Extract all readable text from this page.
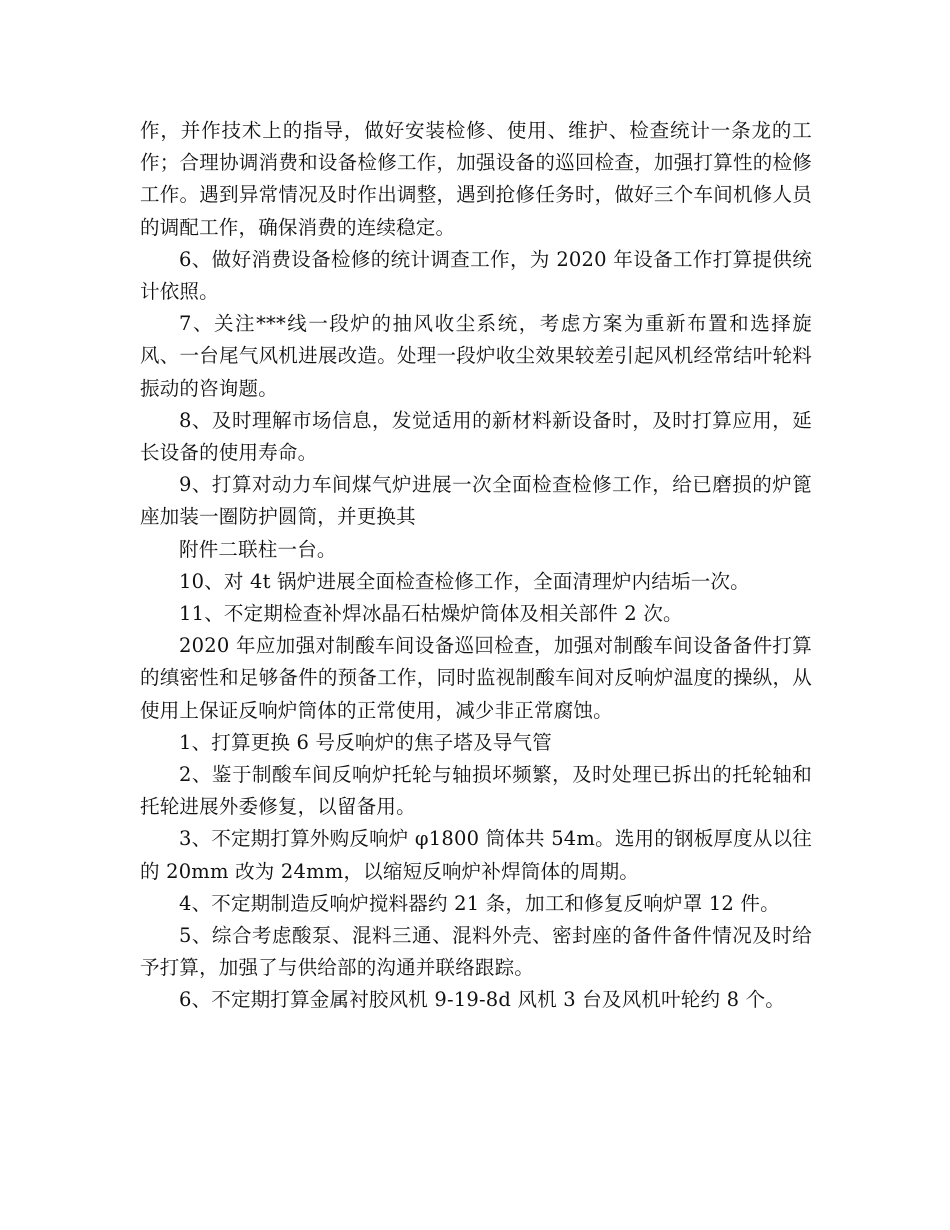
作，并作技术上的指导，做好安装检修、使用、维护、检查统计一条龙的工作；合理协调消费和设备检修工作，加强设备的巡回检查，加强打算性的检修工作。遇到异常情况及时作出调整，遇到抢修任务时，做好三个车间机修人员的调配工作，确保消费的连续稳定。

6、做好消费设备检修的统计调查工作，为 2020 年设备工作打算提供统计依照。

7、关注***线一段炉的抽风收尘系统，考虑方案为重新布置和选择旋风、一台尾气风机进展改造。处理一段炉收尘效果较差引起风机经常结叶轮料振动的咨询题。

8、及时理解市场信息，发觉适用的新材料新设备时，及时打算应用，延长设备的使用寿命。

9、打算对动力车间煤气炉进展一次全面检查检修工作，给已磨损的炉篦座加装一圈防护圆筒，并更换其

附件二联柱一台。

10、对 4t 锅炉进展全面检查检修工作，全面清理炉内结垢一次。

11、不定期检查补焊冰晶石枯燥炉筒体及相关部件 2 次。

2020 年应加强对制酸车间设备巡回检查，加强对制酸车间设备备件打算的缜密性和足够备件的预备工作，同时监视制酸车间对反响炉温度的操纵，从使用上保证反响炉筒体的正常使用，减少非正常腐蚀。

1、打算更换 6 号反响炉的焦子塔及导气管

2、鉴于制酸车间反响炉托轮与轴损坏频繁，及时处理已拆出的托轮轴和托轮进展外委修复，以留备用。

3、不定期打算外购反响炉 φ1800 筒体共 54m。选用的钢板厚度从以往的 20mm 改为 24mm，以缩短反响炉补焊筒体的周期。

4、不定期制造反响炉搅料器约 21 条，加工和修复反响炉罩 12 件。

5、综合考虑酸泵、混料三通、混料外壳、密封座的备件备件情况及时给予打算，加强了与供给部的沟通并联络跟踪。

6、不定期打算金属衬胶风机 9-19-8d 风机 3 台及风机叶轮约 8 个。
